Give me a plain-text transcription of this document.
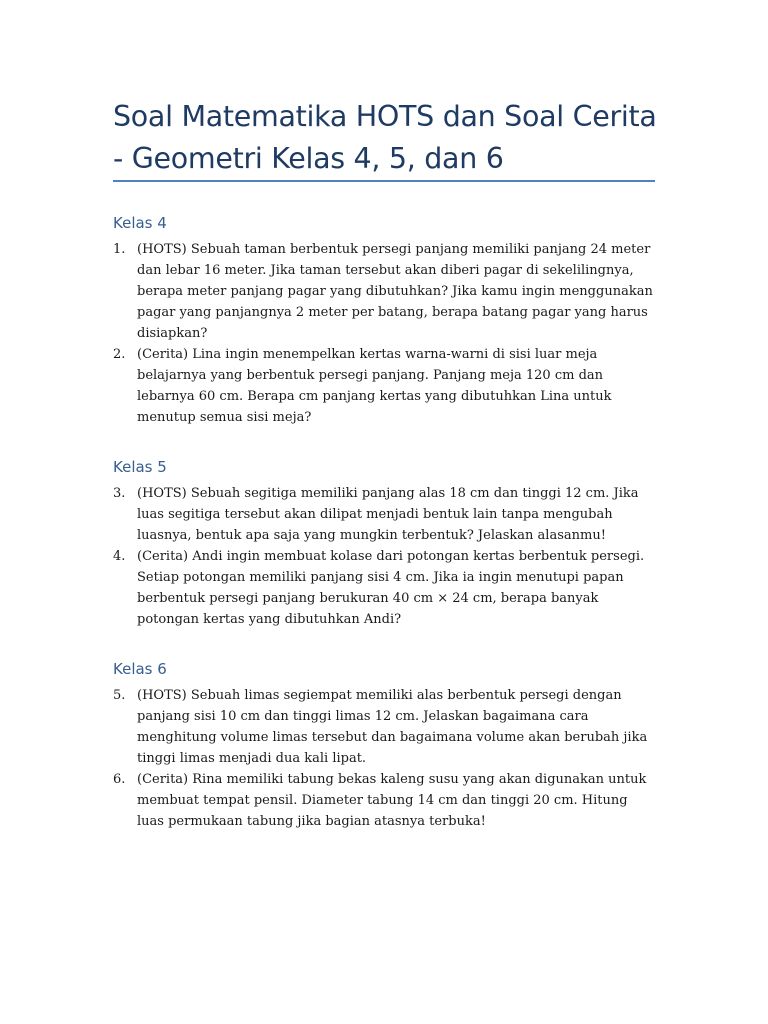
Soal Matematika HOTS dan Soal Cerita - Geometri Kelas 4, 5, dan 6
Kelas 4
1. (HOTS) Sebuah taman berbentuk persegi panjang memiliki panjang 24 meter dan lebar 16 meter. Jika taman tersebut akan diberi pagar di sekelilingnya, berapa meter panjang pagar yang dibutuhkan? Jika kamu ingin menggunakan pagar yang panjangnya 2 meter per batang, berapa batang pagar yang harus disiapkan?
2. (Cerita) Lina ingin menempelkan kertas warna-warni di sisi luar meja belajarnya yang berbentuk persegi panjang. Panjang meja 120 cm dan lebarnya 60 cm. Berapa cm panjang kertas yang dibutuhkan Lina untuk menutup semua sisi meja?
Kelas 5
3. (HOTS) Sebuah segitiga memiliki panjang alas 18 cm dan tinggi 12 cm. Jika luas segitiga tersebut akan dilipat menjadi bentuk lain tanpa mengubah luasnya, bentuk apa saja yang mungkin terbentuk? Jelaskan alasanmu!
4. (Cerita) Andi ingin membuat kolase dari potongan kertas berbentuk persegi. Setiap potongan memiliki panjang sisi 4 cm. Jika ia ingin menutupi papan berbentuk persegi panjang berukuran 40 cm × 24 cm, berapa banyak potongan kertas yang dibutuhkan Andi?
Kelas 6
5. (HOTS) Sebuah limas segiempat memiliki alas berbentuk persegi dengan panjang sisi 10 cm dan tinggi limas 12 cm. Jelaskan bagaimana cara menghitung volume limas tersebut dan bagaimana volume akan berubah jika tinggi limas menjadi dua kali lipat.
6. (Cerita) Rina memiliki tabung bekas kaleng susu yang akan digunakan untuk membuat tempat pensil. Diameter tabung 14 cm dan tinggi 20 cm. Hitung luas permukaan tabung jika bagian atasnya terbuka!
